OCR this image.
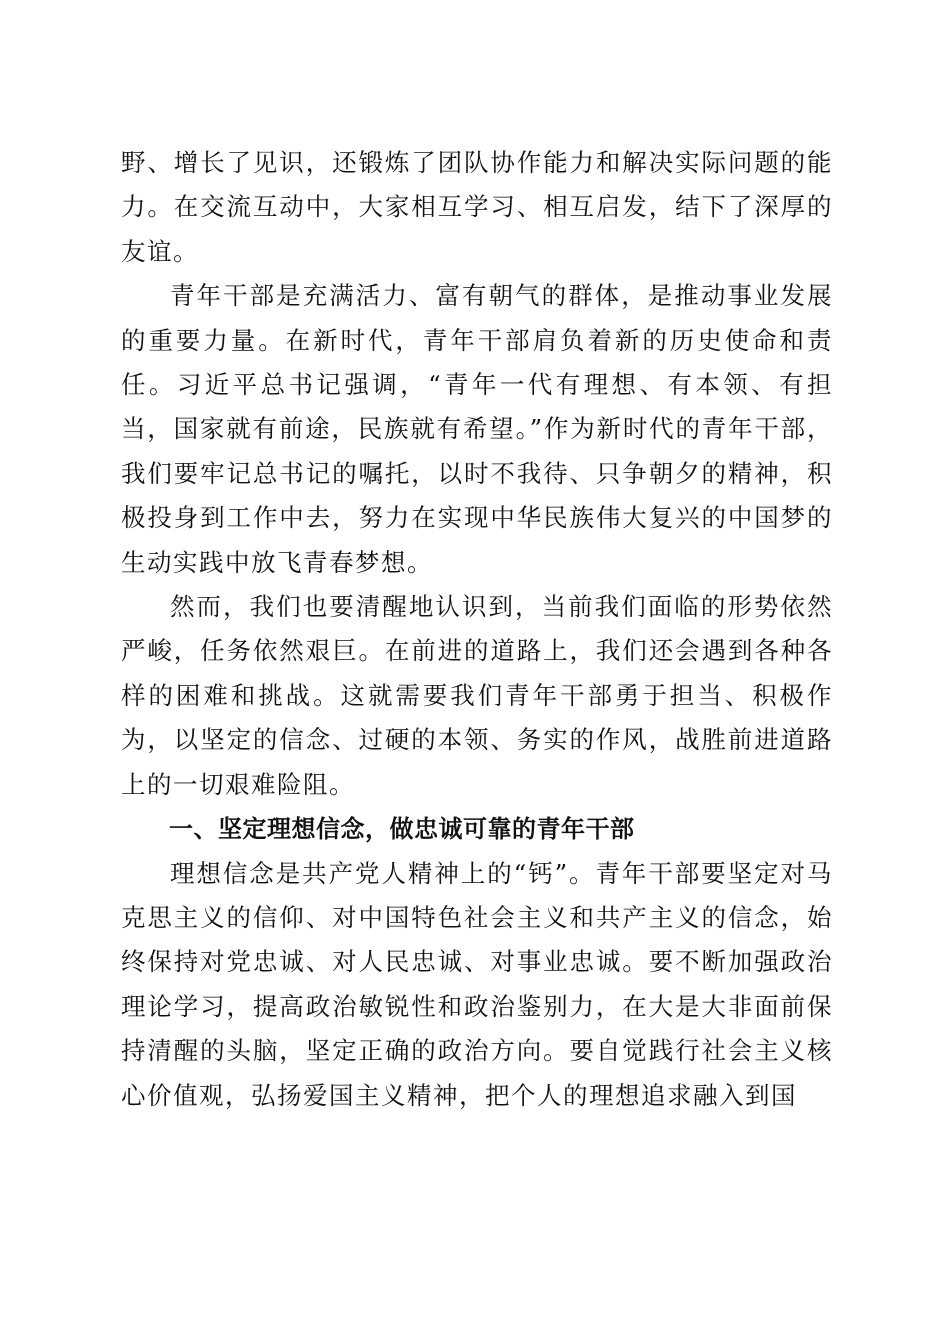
野、增长了见识，还锻炼了团队协作能力和解决实际问题的能力。在交流互动中，大家相互学习、相互启发，结下了深厚的友谊。

青年干部是充满活力、富有朝气的群体，是推动事业发展的重要力量。在新时代，青年干部肩负着新的历史使命和责任。习近平总书记强调，“青年一代有理想、有本领、有担当，国家就有前途，民族就有希望。”作为新时代的青年干部，我们要牢记总书记的嘱托，以时不我待、只争朝夕的精神，积极投身到工作中去，努力在实现中华民族伟大复兴的中国梦的生动实践中放飞青春梦想。

然而，我们也要清醒地认识到，当前我们面临的形势依然严峻，任务依然艰巨。在前进的道路上，我们还会遇到各种各样的困难和挑战。这就需要我们青年干部勇于担当、积极作为，以坚定的信念、过硬的本领、务实的作风，战胜前进道路上的一切艰难险阻。

一、坚定理想信念，做忠诚可靠的青年干部

理想信念是共产党人精神上的“钙”。青年干部要坚定对马克思主义的信仰、对中国特色社会主义和共产主义的信念，始终保持对党忠诚、对人民忠诚、对事业忠诚。要不断加强政治理论学习，提高政治敏锐性和政治鉴别力，在大是大非面前保持清醒的头脑，坚定正确的政治方向。要自觉践行社会主义核心价值观，弘扬爱国主义精神，把个人的理想追求融入到国
